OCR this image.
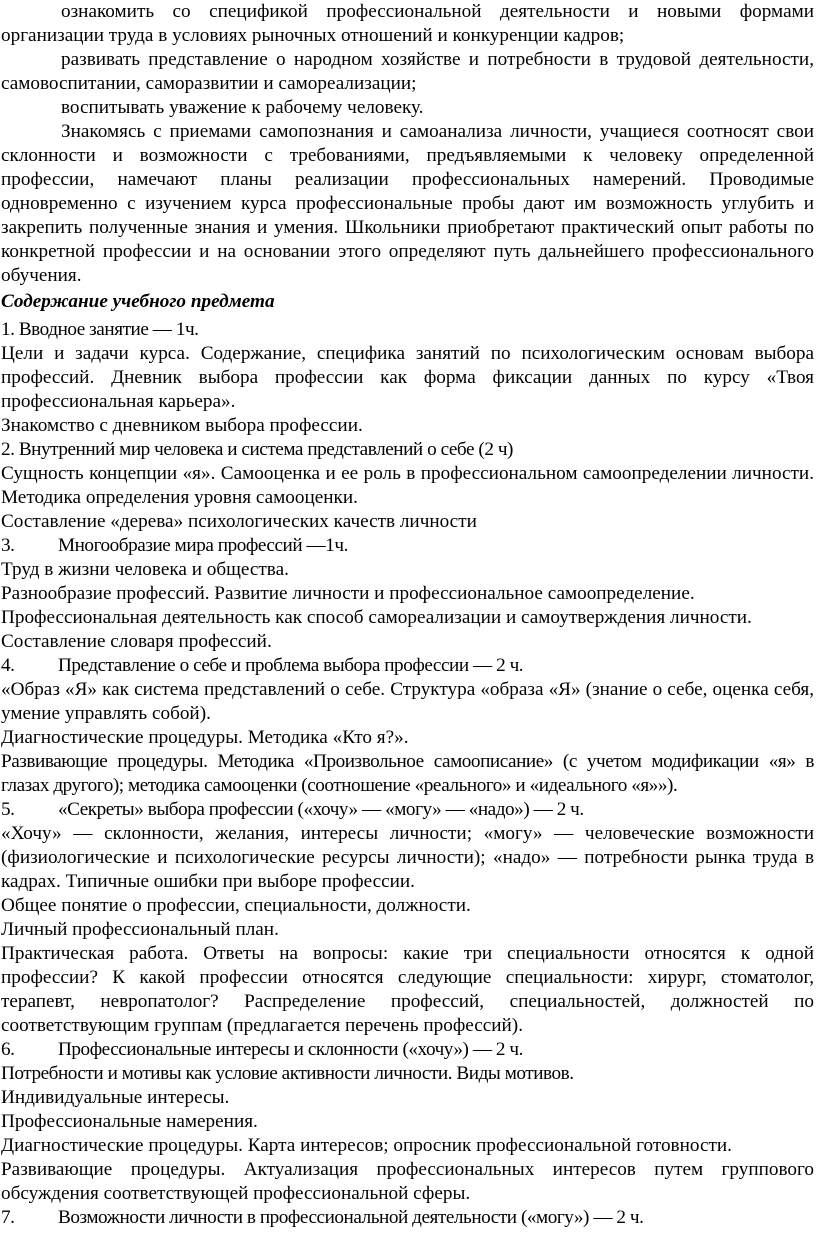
ознакомить со спецификой профессиональной деятельности и новыми формами организации труда в условиях рыночных отношений и конкуренции кадров;

развивать представление о народном хозяйстве и потребности в трудовой деятельности, самовоспитании, саморазвитии и самореализации;

воспитывать уважение к рабочему человеку.

Знакомясь с приемами самопознания и самоанализа личности, учащиеся соотносят свои склонности и возможности с требованиями, предъявляемыми к человеку определенной профессии, намечают планы реализации профессиональных намерений. Проводимые одновременно с изучением курса профессиональные пробы дают им возможность углубить и закрепить полученные знания и умения. Школьники приобретают практический опыт работы по конкретной профессии и на основании этого определяют путь дальнейшего профессионального обучения.

Содержание учебного предмета

1. Вводное занятие — 1ч.

Цели и задачи курса. Содержание, специфика занятий по психологическим основам выбора профессий. Дневник выбора профессии как форма фиксации данных по курсу «Твоя профессиональная карьера».

Знакомство с дневником выбора профессии.

2. Внутренний мир человека и система представлений о себе (2 ч)

Сущность концепции «я». Самооценка и ее роль в профессиональном самоопределении личности. Методика определения уровня самооценки.

Составление «дерева» психологических качеств личности

3. Многообразие мира профессий —1ч.

Труд в жизни человека и общества.

Разнообразие профессий. Развитие личности и профессиональное самоопределение.

Профессиональная деятельность как способ самореализации и самоутверждения личности.

Составление словаря профессий.

4. Представление о себе и проблема выбора профессии — 2 ч.

«Образ «Я» как система представлений о себе. Структура «образа «Я» (знание о себе, оценка себя, умение управлять собой).

Диагностические процедуры. Методика «Кто я?».

Развивающие процедуры. Методика «Произвольное самоописание» (с учетом модификации «я» в глазах другого); методика самооценки (соотношение «реального» и «идеального «я»»).

5. «Секреты» выбора профессии («хочу» — «могу» — «надо») — 2 ч.

«Хочу» — склонности, желания, интересы личности; «могу» — человеческие возможности (физиологические и психологические ресурсы личности); «надо» — потребности рынка труда в кадрах. Типичные ошибки при выборе профессии.

Общее понятие о профессии, специальности, должности.

Личный профессиональный план.

Практическая работа. Ответы на вопросы: какие три специальности относятся к одной профессии? К какой профессии относятся следующие специальности: хирург, стоматолог, терапевт, невропатолог? Распределение профессий, специальностей, должностей по соответствующим группам (предлагается перечень профессий).

6. Профессиональные интересы и склонности («хочу») — 2 ч.

Потребности и мотивы как условие активности личности. Виды мотивов.

Индивидуальные интересы.

Профессиональные намерения.

Диагностические процедуры. Карта интересов; опросник профессиональной готовности.

Развивающие процедуры. Актуализация профессиональных интересов путем группового обсуждения соответствующей профессиональной сферы.

7. Возможности личности в профессиональной деятельности («могу») — 2 ч.
